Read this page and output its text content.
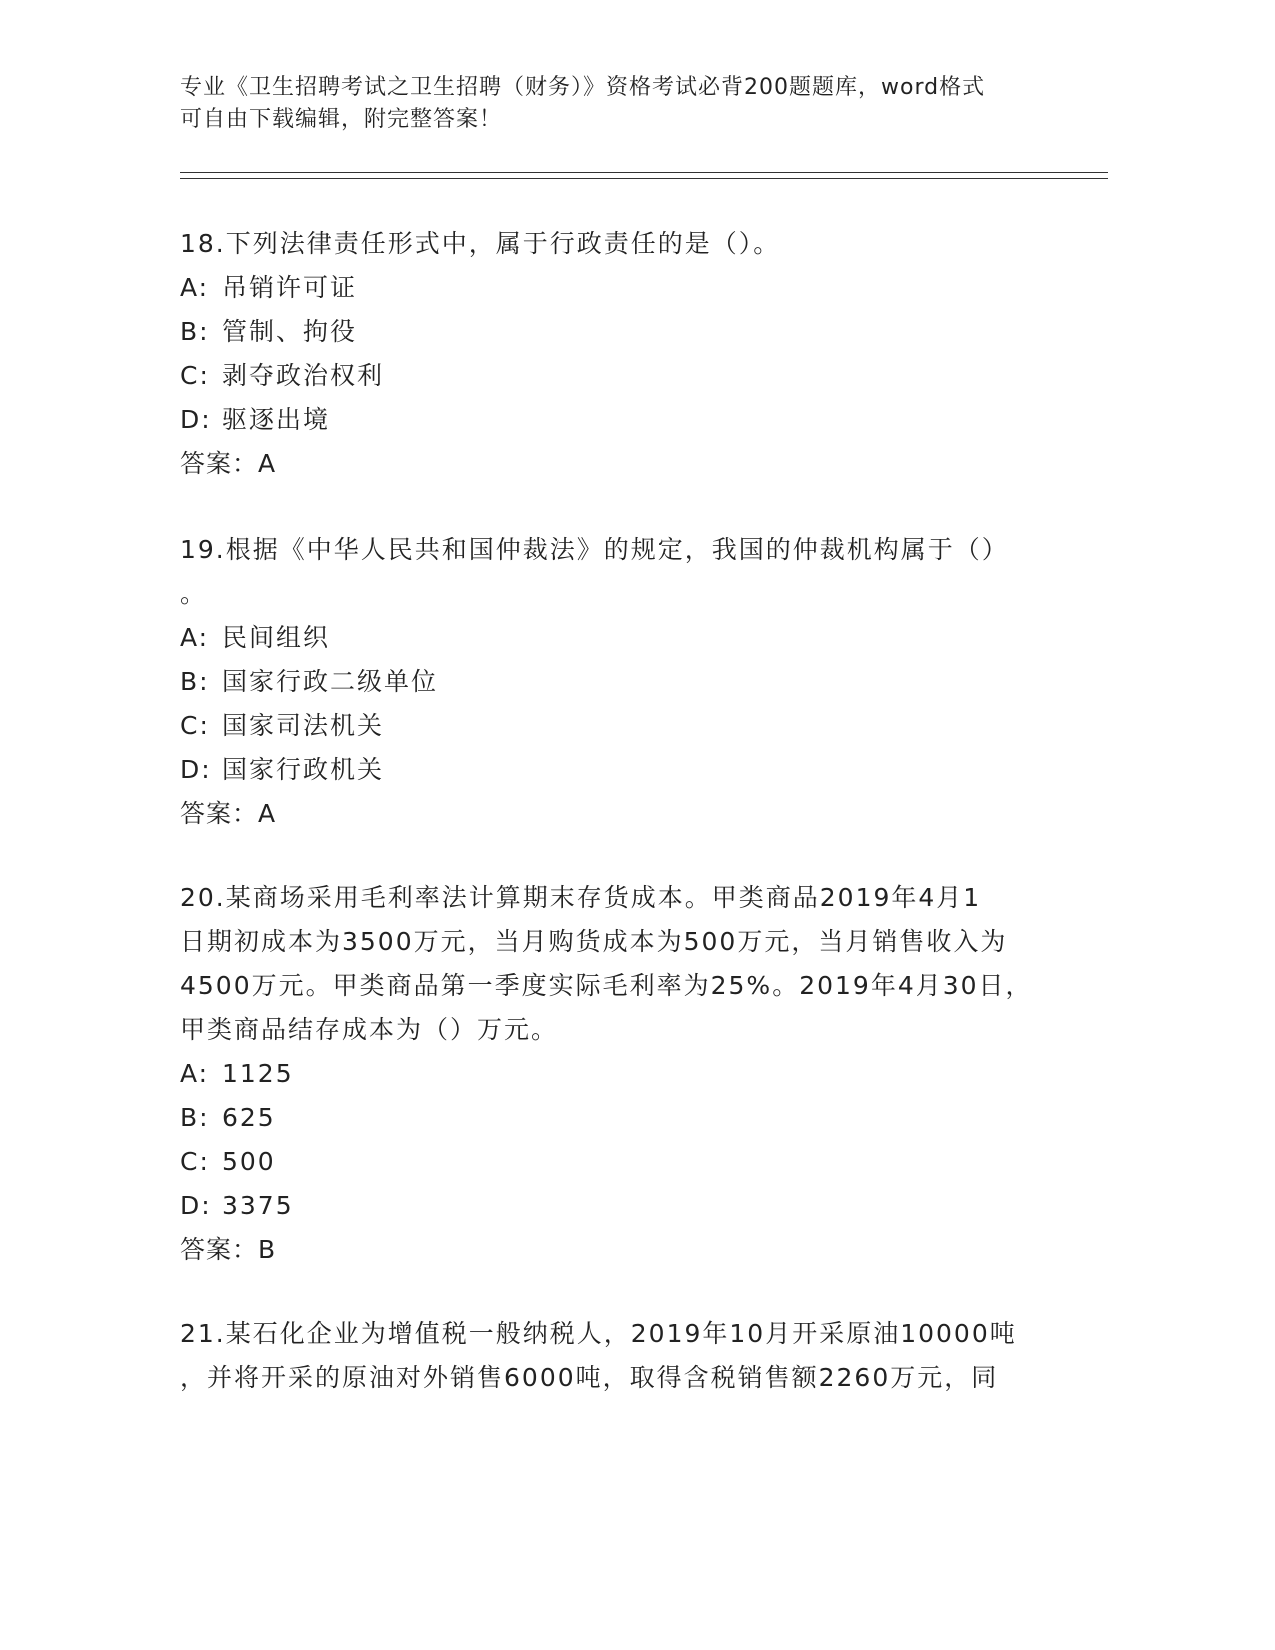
专业《卫生招聘考试之卫生招聘（财务）》资格考试必背200题题库，word格式
可自由下载编辑，附完整答案！

18.下列法律责任形式中，属于行政责任的是（）。

A: 吊销许可证

B: 管制、拘役

C: 剥夺政治权利

D: 驱逐出境

答案：A

19.根据《中华人民共和国仲裁法》的规定，我国的仲裁机构属于（）

。

A: 民间组织

B: 国家行政二级单位

C: 国家司法机关

D: 国家行政机关

答案：A

20.某商场采用毛利率法计算期末存货成本。甲类商品2019年4月1

日期初成本为3500万元，当月购货成本为500万元，当月销售收入为

4500万元。甲类商品第一季度实际毛利率为25%。2019年4月30日，

甲类商品结存成本为（）万元。

A: 1125

B: 625

C: 500

D: 3375

答案：B

21.某石化企业为增值税一般纳税人，2019年10月开采原油10000吨

，并将开采的原油对外销售6000吨，取得含税销售额2260万元，同
